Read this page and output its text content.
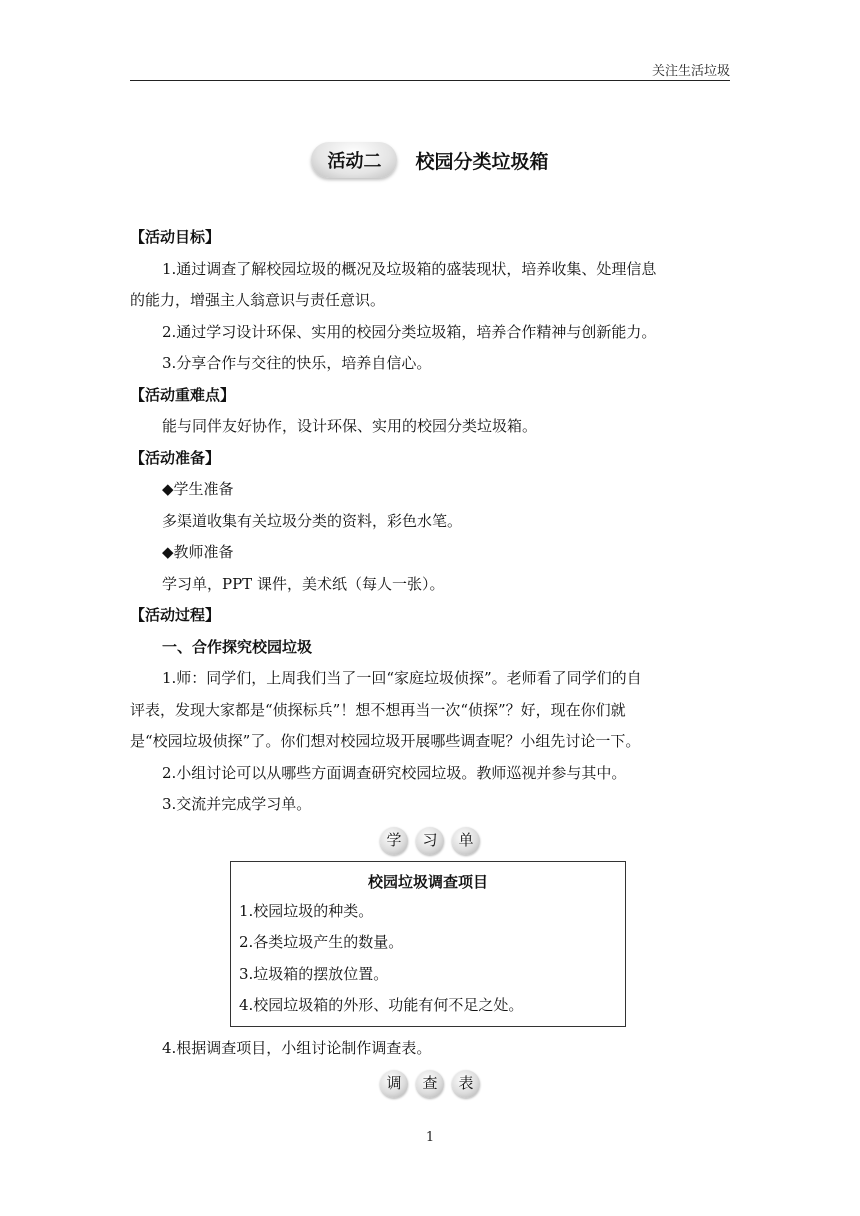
关注生活垃圾
活动二	校园分类垃圾箱

【活动目标】

1.通过调查了解校园垃圾的概况及垃圾箱的盛装现状，培养收集、处理信息

的能力，增强主人翁意识与责任意识。

2.通过学习设计环保、实用的校园分类垃圾箱，培养合作精神与创新能力。

3.分享合作与交往的快乐，培养自信心。

【活动重难点】

能与同伴友好协作，设计环保、实用的校园分类垃圾箱。

【活动准备】

◆学生准备

多渠道收集有关垃圾分类的资料，彩色水笔。

◆教师准备

学习单，PPT 课件，美术纸（每人一张）。

【活动过程】

一、合作探究校园垃圾

1.师：同学们，上周我们当了一回“家庭垃圾侦探”。老师看了同学们的自

评表，发现大家都是“侦探标兵”！想不想再当一次“侦探”？好，现在你们就

是“校园垃圾侦探”了。你们想对校园垃圾开展哪些调查呢？小组先讨论一下。

2.小组讨论可以从哪些方面调查研究校园垃圾。教师巡视并参与其中。

3.交流并完成学习单。

学	习	单
校园垃圾调查项目
1.校园垃圾的种类。
2.各类垃圾产生的数量。
3.垃圾箱的摆放位置。
4.校园垃圾箱的外形、功能有何不足之处。

4.根据调查项目，小组讨论制作调查表。

调	查	表
1
